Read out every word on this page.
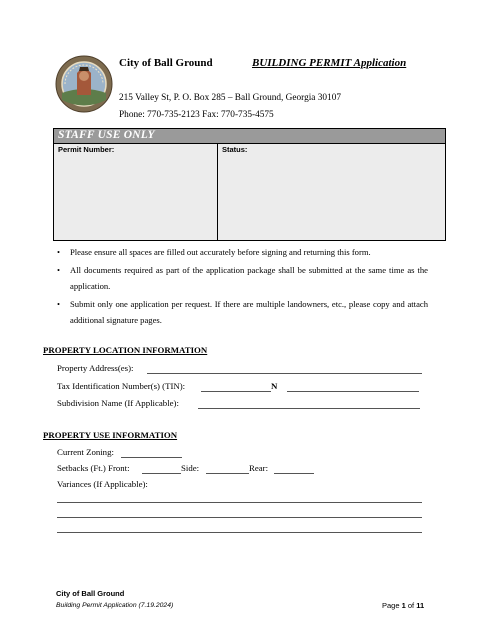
City of Ball Ground	BUILDING PERMIT Application
215 Valley St, P. O. Box 285 – Ball Ground, Georgia 30107
Phone: 770-735-2123 Fax: 770-735-4575
STAFF USE ONLY
Permit Number:	Status:
• Please ensure all spaces are filled out accurately before signing and returning this form.
• All documents required as part of the application package shall be submitted at the same time as the application.
• Submit only one application per request. If there are multiple landowners, etc., please copy and attach additional signature pages.
PROPERTY LOCATION INFORMATION
Property Address(es):
Tax Identification Number(s) (TIN):	N
Subdivision Name (If Applicable):
PROPERTY USE INFORMATION
Current Zoning:
Setbacks (Ft.) Front:	Side:	Rear:
Variances (If Applicable):
City of Ball Ground
Building Permit Application (7.19.2024)	Page 1 of 11
